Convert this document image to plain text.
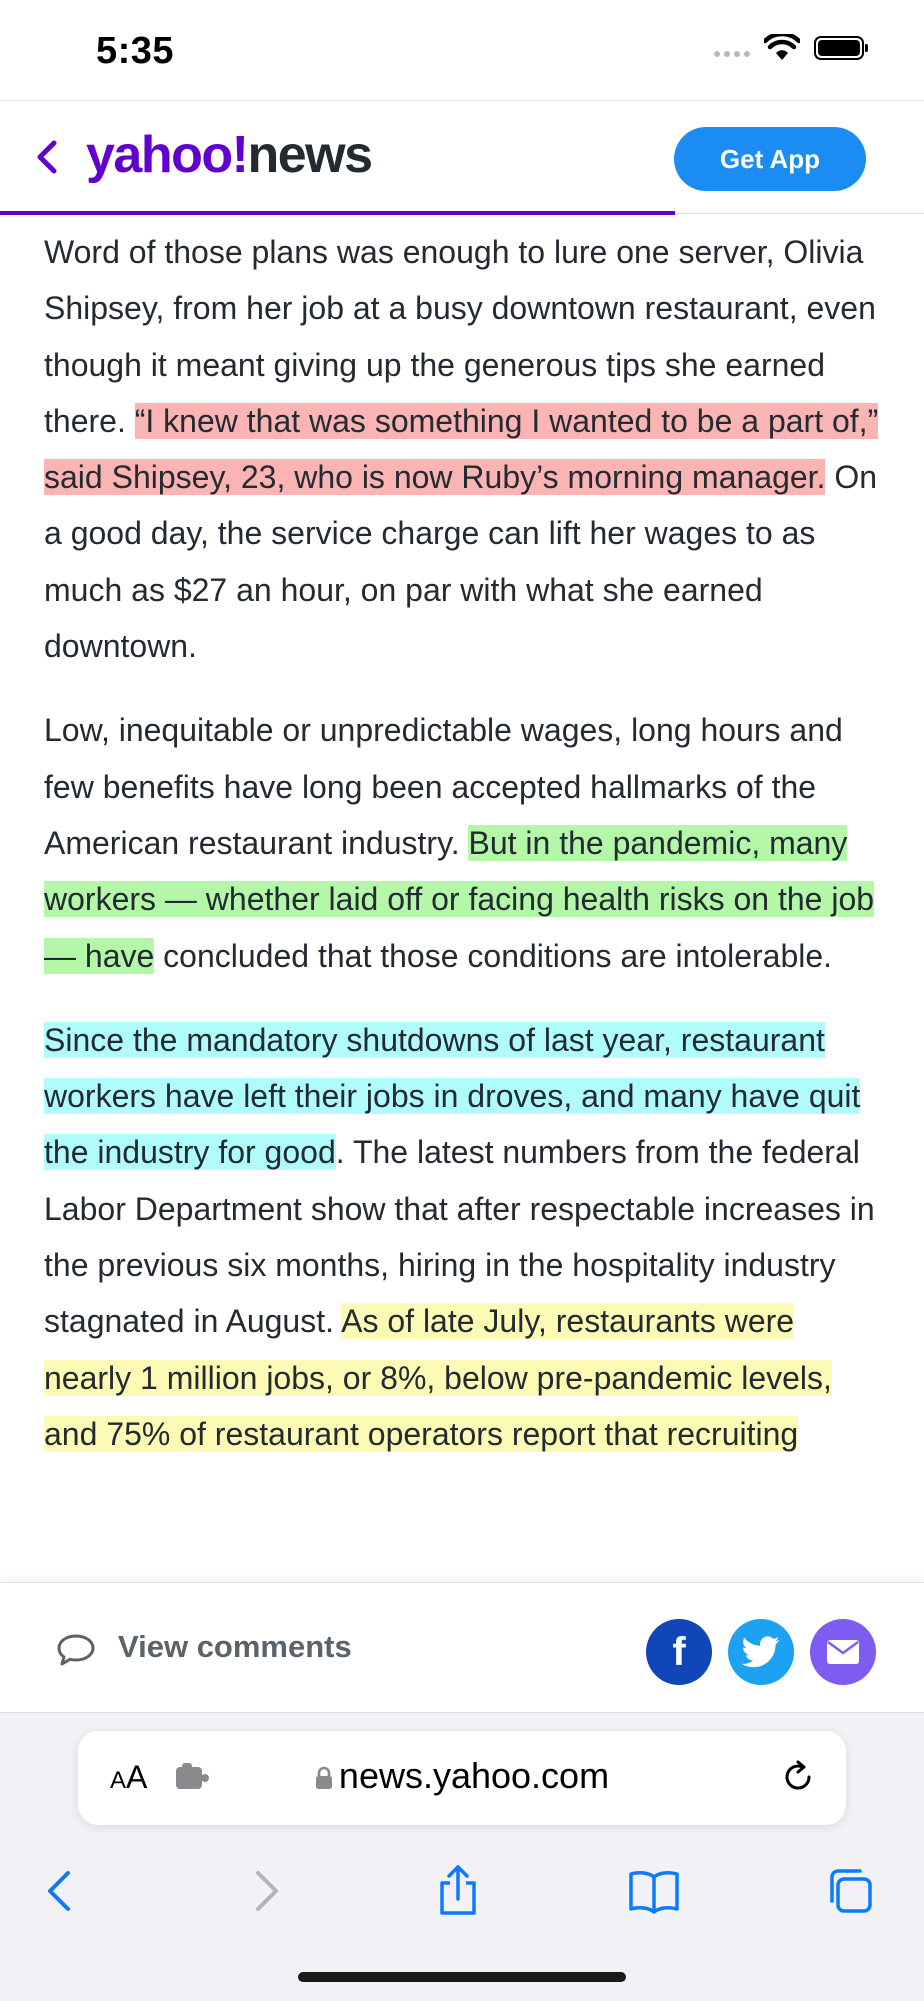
5:35
yahoo!news	Get App

Word of those plans was enough to lure one server, Olivia Shipsey, from her job at a busy downtown restaurant, even though it meant giving up the generous tips she earned there. “I knew that was something I wanted to be a part of,” said Shipsey, 23, who is now Ruby’s morning manager. On a good day, the service charge can lift her wages to as much as $27 an hour, on par with what she earned downtown.

Low, inequitable or unpredictable wages, long hours and few benefits have long been accepted hallmarks of the American restaurant industry. But in the pandemic, many workers — whether laid off or facing health risks on the job — have concluded that those conditions are intolerable.

Since the mandatory shutdowns of last year, restaurant workers have left their jobs in droves, and many have quit the industry for good. The latest numbers from the federal Labor Department show that after respectable increases in the previous six months, hiring in the hospitality industry stagnated in August. As of late July, restaurants were nearly 1 million jobs, or 8%, below pre-pandemic levels, and 75% of restaurant operators report that recruiting

View comments	f
AA	news.yahoo.com
